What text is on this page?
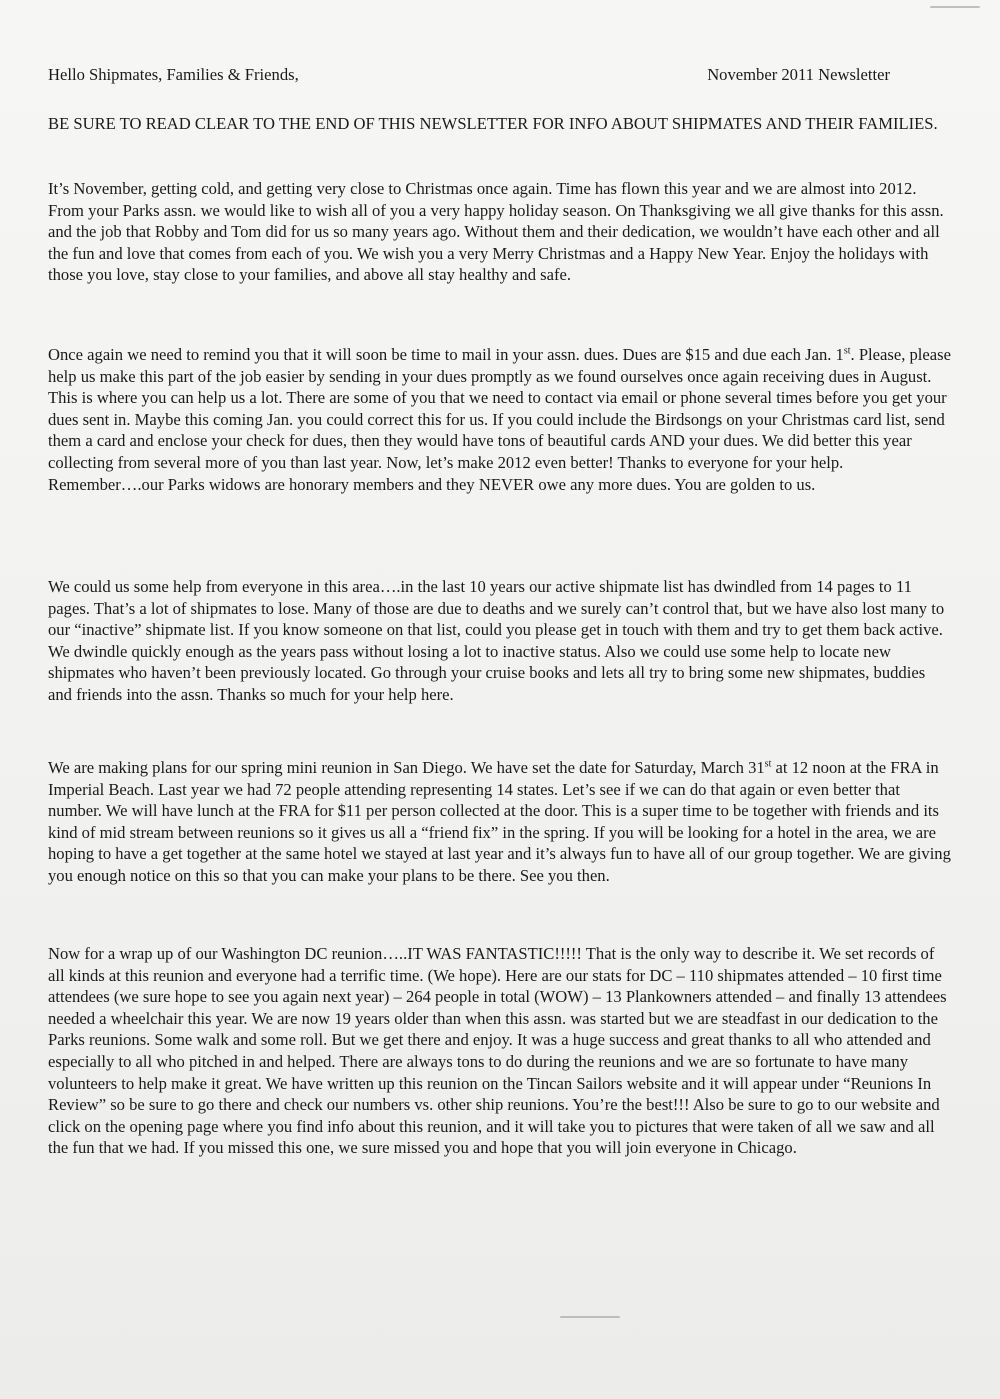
Hello Shipmates, Families & Friends,	November 2011 Newsletter

BE SURE TO READ CLEAR TO THE END OF THIS NEWSLETTER FOR INFO ABOUT SHIPMATES AND THEIR FAMILIES.

It’s November, getting cold, and getting very close to Christmas once again. Time has flown this year and we are almost into 2012. From your Parks assn. we would like to wish all of you a very happy holiday season. On Thanksgiving we all give thanks for this assn. and the job that Robby and Tom did for us so many years ago. Without them and their dedication, we wouldn’t have each other and all the fun and love that comes from each of you. We wish you a very Merry Christmas and a Happy New Year. Enjoy the holidays with those you love, stay close to your families, and above all stay healthy and safe.

Once again we need to remind you that it will soon be time to mail in your assn. dues. Dues are $15 and due each Jan. 1st. Please, please help us make this part of the job easier by sending in your dues promptly as we found ourselves once again receiving dues in August. This is where you can help us a lot. There are some of you that we need to contact via email or phone several times before you get your dues sent in. Maybe this coming Jan. you could correct this for us. If you could include the Birdsongs on your Christmas card list, send them a card and enclose your check for dues, then they would have tons of beautiful cards AND your dues. We did better this year collecting from several more of you than last year. Now, let’s make 2012 even better! Thanks to everyone for your help. Remember….our Parks widows are honorary members and they NEVER owe any more dues. You are golden to us.

We could us some help from everyone in this area….in the last 10 years our active shipmate list has dwindled from 14 pages to 11 pages. That’s a lot of shipmates to lose. Many of those are due to deaths and we surely can’t control that, but we have also lost many to our “inactive” shipmate list. If you know someone on that list, could you please get in touch with them and try to get them back active. We dwindle quickly enough as the years pass without losing a lot to inactive status. Also we could use some help to locate new shipmates who haven’t been previously located. Go through your cruise books and lets all try to bring some new shipmates, buddies and friends into the assn. Thanks so much for your help here.

We are making plans for our spring mini reunion in San Diego. We have set the date for Saturday, March 31st at 12 noon at the FRA in Imperial Beach. Last year we had 72 people attending representing 14 states. Let’s see if we can do that again or even better that number. We will have lunch at the FRA for $11 per person collected at the door. This is a super time to be together with friends and its kind of mid stream between reunions so it gives us all a “friend fix” in the spring. If you will be looking for a hotel in the area, we are hoping to have a get together at the same hotel we stayed at last year and it’s always fun to have all of our group together. We are giving you enough notice on this so that you can make your plans to be there. See you then.

Now for a wrap up of our Washington DC reunion…..IT WAS FANTASTIC!!!!! That is the only way to describe it. We set records of all kinds at this reunion and everyone had a terrific time. (We hope). Here are our stats for DC – 110 shipmates attended – 10 first time attendees (we sure hope to see you again next year) – 264 people in total (WOW) – 13 Plankowners attended – and finally 13 attendees needed a wheelchair this year. We are now 19 years older than when this assn. was started but we are steadfast in our dedication to the Parks reunions. Some walk and some roll. But we get there and enjoy. It was a huge success and great thanks to all who attended and especially to all who pitched in and helped. There are always tons to do during the reunions and we are so fortunate to have many volunteers to help make it great. We have written up this reunion on the Tincan Sailors website and it will appear under “Reunions In Review” so be sure to go there and check our numbers vs. other ship reunions. You’re the best!!! Also be sure to go to our website and click on the opening page where you find info about this reunion, and it will take you to pictures that were taken of all we saw and all the fun that we had. If you missed this one, we sure missed you and hope that you will join everyone in Chicago.
